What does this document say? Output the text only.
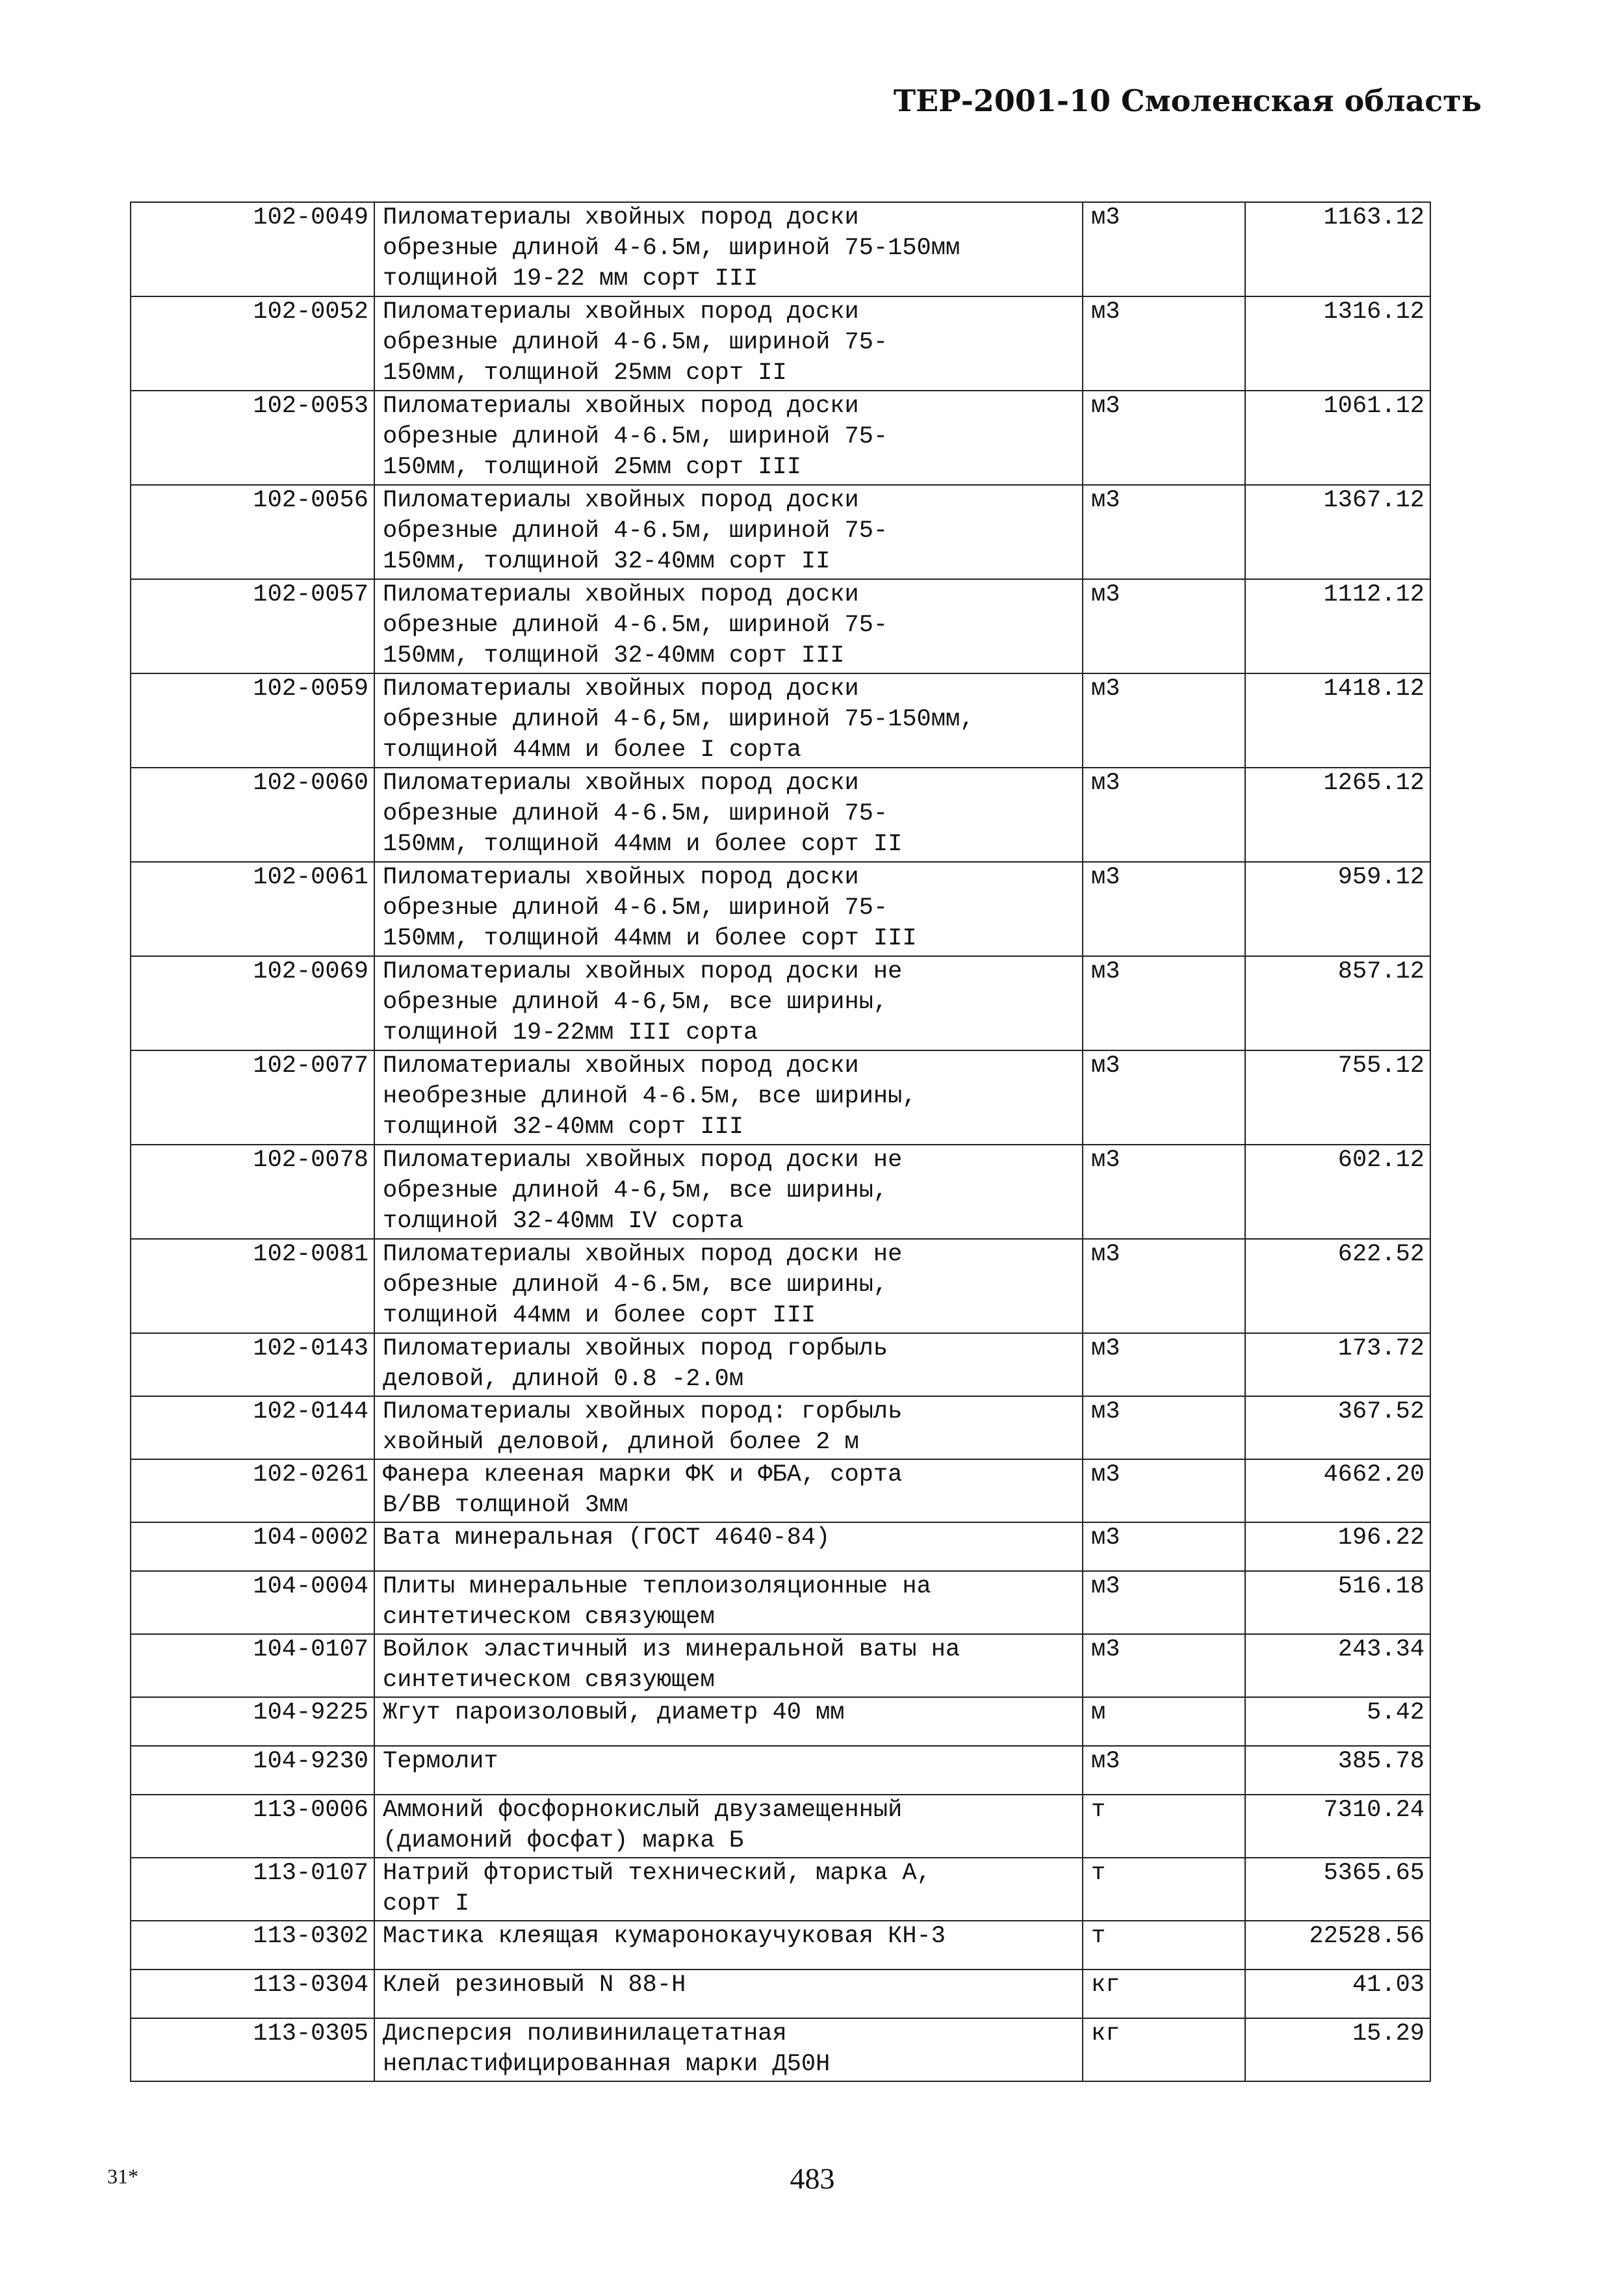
ТЕР-2001-10 Смоленская область
102-0049	Пиломатериалы хвойных пород доски
обрезные длиной 4-6.5м, шириной 75-150мм
толщиной 19-22 мм сорт III	м3	1163.12
102-0052	Пиломатериалы хвойных пород доски
обрезные длиной 4-6.5м, шириной 75-
150мм, толщиной 25мм сорт II	м3	1316.12
102-0053	Пиломатериалы хвойных пород доски
обрезные длиной 4-6.5м, шириной 75-
150мм, толщиной 25мм сорт III	м3	1061.12
102-0056	Пиломатериалы хвойных пород доски
обрезные длиной 4-6.5м, шириной 75-
150мм, толщиной 32-40мм сорт II	м3	1367.12
102-0057	Пиломатериалы хвойных пород доски
обрезные длиной 4-6.5м, шириной 75-
150мм, толщиной 32-40мм сорт III	м3	1112.12
102-0059	Пиломатериалы хвойных пород доски
обрезные длиной 4-6,5м, шириной 75-150мм,
толщиной 44мм и более I сорта	м3	1418.12
102-0060	Пиломатериалы хвойных пород доски
обрезные длиной 4-6.5м, шириной 75-
150мм, толщиной 44мм и более сорт II	м3	1265.12
102-0061	Пиломатериалы хвойных пород доски
обрезные длиной 4-6.5м, шириной 75-
150мм, толщиной 44мм и более сорт III	м3	959.12
102-0069	Пиломатериалы хвойных пород доски не
обрезные длиной 4-6,5м, все ширины,
толщиной 19-22мм III сорта	м3	857.12
102-0077	Пиломатериалы хвойных пород доски
необрезные длиной 4-6.5м, все ширины,
толщиной 32-40мм сорт III	м3	755.12
102-0078	Пиломатериалы хвойных пород доски не
обрезные длиной 4-6,5м, все ширины,
толщиной 32-40мм IV сорта	м3	602.12
102-0081	Пиломатериалы хвойных пород доски не
обрезные длиной 4-6.5м, все ширины,
толщиной 44мм и более сорт III	м3	622.52
102-0143	Пиломатериалы хвойных пород горбыль
деловой, длиной 0.8 -2.0м	м3	173.72
102-0144	Пиломатериалы хвойных пород: горбыль
хвойный деловой, длиной более 2 м	м3	367.52
102-0261	Фанера клееная марки ФК и ФБА, сорта
В/ВВ толщиной 3мм	м3	4662.20
104-0002	Вата минеральная (ГОСТ 4640-84)	м3	196.22
104-0004	Плиты минеральные теплоизоляционные на
синтетическом связующем	м3	516.18
104-0107	Войлок эластичный из минеральной ваты на
синтетическом связующем	м3	243.34
104-9225	Жгут пароизоловый, диаметр 40 мм	м	5.42
104-9230	Термолит	м3	385.78
113-0006	Аммоний фосфорнокислый двузамещенный
(диамоний фосфат) марка Б	т	7310.24
113-0107	Натрий фтористый технический, марка А,
сорт I	т	5365.65
113-0302	Мастика клеящая кумаронокаучуковая КН-3	т	22528.56
113-0304	Клей резиновый N 88-Н	кг	41.03
113-0305	Дисперсия поливинилацетатная
непластифицированная марки Д50Н	кг	15.29
31*	483
